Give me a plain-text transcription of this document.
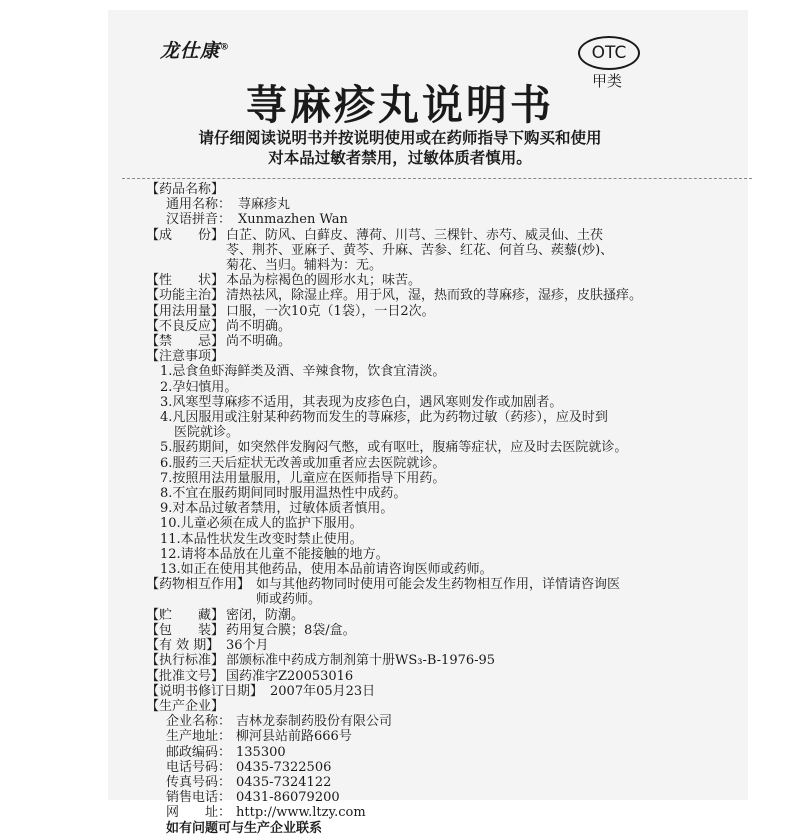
龙仕康®	OTC
甲类
荨麻疹丸说明书
请仔细阅读说明书并按说明使用或在药师指导下购买和使用
对本品过敏者禁用，过敏体质者慎用。
【 药品名称 】
通用名称： 荨麻疹丸
汉语拼音： Xunmazhen Wan
【 成　　份 】	白芷、防风、白藓皮、薄荷、川芎、三棵针、赤芍、威灵仙、土茯
苓、荆芥、亚麻子、黄芩、升麻、苦参、红花、何首乌、蒺藜(炒)、
菊花、当归。辅料为：无。
【 性　　状 】	本品为棕褐色的圆形水丸；味苦。
【 功能主治 】	清热祛风，除湿止痒。用于风，湿，热而致的荨麻疹，湿疹，皮肤搔痒。
【 用法用量 】	口服，一次10克（1袋），一日2次。
【 不良反应 】	尚不明确。
【 禁　　忌 】	尚不明确。
【 注意事项 】
1.忌食鱼虾海鲜类及酒、辛辣食物，饮食宜清淡。
2.孕妇慎用。
3.风寒型荨麻疹不适用，其表现为皮疹色白，遇风寒则发作或加剧者。
4.凡因服用或注射某种药物而发生的荨麻疹，此为药物过敏（药疹），应及时到
医院就诊。
5.服药期间，如突然伴发胸闷气憋，或有呕吐，腹痛等症状，应及时去医院就诊。
6.服药三天后症状无改善或加重者应去医院就诊。
7.按照用法用量服用，儿童应在医师指导下用药。
8.不宜在服药期间同时服用温热性中成药。
9.对本品过敏者禁用，过敏体质者慎用。
10.儿童必须在成人的监护下服用。
11.本品性状发生改变时禁止使用。
12.请将本品放在儿童不能接触的地方。
13.如正在使用其他药品，使用本品前请咨询医师或药师。
【 药物相互作用 】	如与其他药物同时使用可能会发生药物相互作用，详情请咨询医
师或药师。
【 贮　　藏 】	密闭，防潮。
【 包　　装 】	药用复合膜；8袋/盒。
【 有 效 期 】	36个月
【 执行标准 】	部颁标准中药成方制剂第十册WS₃-B-1976-95
【 批准文号 】	国药准字Z20053016
【 说明书修订日期 】	2007年05月23日
【 生产企业 】
企业名称： 吉林龙泰制药股份有限公司
生产地址： 柳河县站前路666号
邮政编码： 135300
电话号码： 0435-7322506
传真号码： 0435-7324122
销售电话： 0431-86079200
网　　址： http://www.ltzy.com
如有问题可与生产企业联系
